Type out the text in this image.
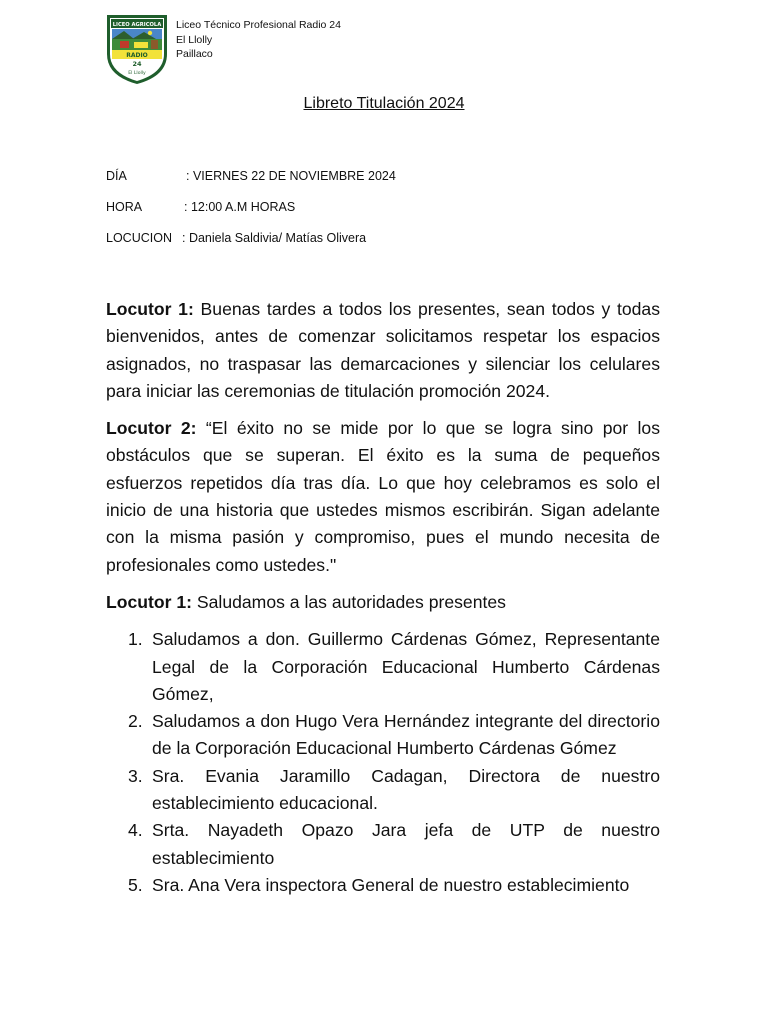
LICEO AGRICOLA
RADIO
24
El Llolly
Liceo Técnico Profesional Radio 24
El Llolly
Paillaco
Libreto Titulación 2024
DÍA	: VIERNES 22 DE NOVIEMBRE 2024
HORA	: 12:00 A.M HORAS
LOCUCION : Daniela Saldivia/ Matías Olivera

Locutor 1: Buenas tardes a todos los presentes, sean todos y todas bienvenidos, antes de comenzar solicitamos respetar los espacios asignados, no traspasar las demarcaciones y silenciar los celulares para iniciar las ceremonias de titulación promoción 2024.

Locutor 2: “El éxito no se mide por lo que se logra sino por los obstáculos que se superan. El éxito es la suma de pequeños esfuerzos repetidos día tras día. Lo que hoy celebramos es solo el inicio de una historia que ustedes mismos escribirán. Sigan adelante con la misma pasión y compromiso, pues el mundo necesita de profesionales como ustedes."

Locutor 1: Saludamos a las autoridades presentes

1. Saludamos a don. Guillermo Cárdenas Gómez, Representante Legal de la Corporación Educacional Humberto Cárdenas Gómez,
2. Saludamos a don Hugo Vera Hernández integrante del directorio de la Corporación Educacional Humberto Cárdenas Gómez
3. Sra. Evania Jaramillo Cadagan, Directora de nuestro establecimiento educacional.
4. Srta. Nayadeth Opazo Jara jefa de UTP de nuestro establecimiento
5. Sra. Ana Vera inspectora General de nuestro establecimiento
